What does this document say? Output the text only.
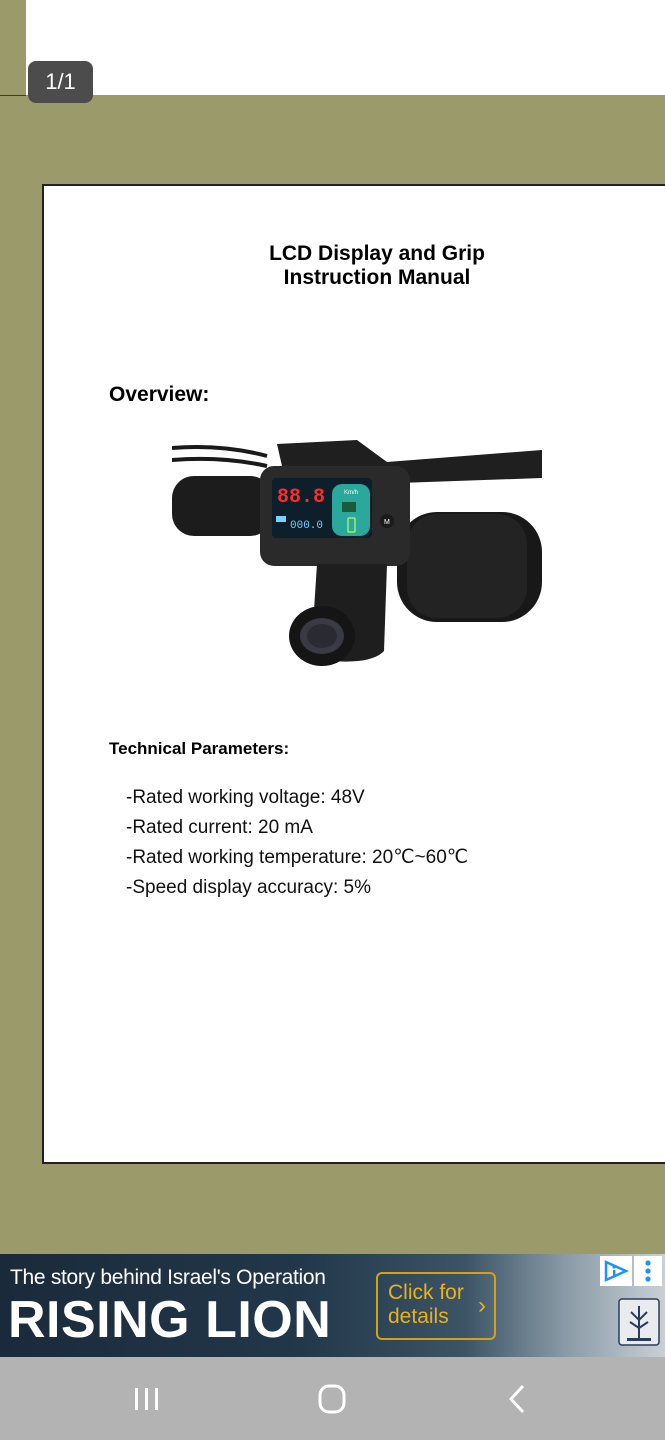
1/1
LCD Display and Grip
Instruction Manual
Overview:
88.8	Km/h
000.0	M
Technical Parameters:
-Rated working voltage: 48V
-Rated current: 20 mA
-Rated working temperature: 20℃~60℃
-Speed display accuracy: 5%
The story behind Israel's Operation
RISING LION	Click for
details	›
